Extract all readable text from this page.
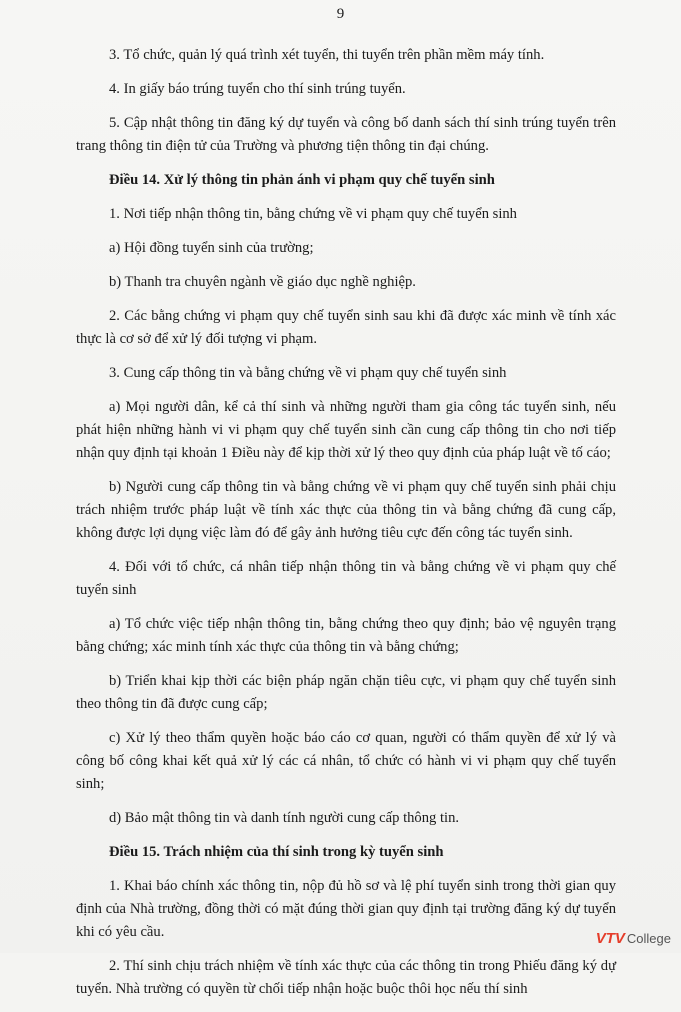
9

3. Tổ chức, quản lý quá trình xét tuyển, thi tuyển trên phần mềm máy tính.

4. In giấy báo trúng tuyển cho thí sinh trúng tuyển.

5. Cập nhật thông tin đăng ký dự tuyển và công bố danh sách thí sinh trúng tuyển trên trang thông tin điện tử của Trường và phương tiện thông tin đại chúng.

Điều 14. Xử lý thông tin phản ánh vi phạm quy chế tuyển sinh

1. Nơi tiếp nhận thông tin, bằng chứng về vi phạm quy chế tuyển sinh

a) Hội đồng tuyển sinh của trường;

b) Thanh tra chuyên ngành về giáo dục nghề nghiệp.

2. Các bằng chứng vi phạm quy chế tuyển sinh sau khi đã được xác minh về tính xác thực là cơ sở để xử lý đối tượng vi phạm.

3. Cung cấp thông tin và bằng chứng về vi phạm quy chế tuyển sinh

a) Mọi người dân, kể cả thí sinh và những người tham gia công tác tuyển sinh, nếu phát hiện những hành vi vi phạm quy chế tuyển sinh cần cung cấp thông tin cho nơi tiếp nhận quy định tại khoản 1 Điều này để kịp thời xử lý theo quy định của pháp luật về tố cáo;

b) Người cung cấp thông tin và bằng chứng về vi phạm quy chế tuyển sinh phải chịu trách nhiệm trước pháp luật về tính xác thực của thông tin và bằng chứng đã cung cấp, không được lợi dụng việc làm đó để gây ảnh hưởng tiêu cực đến công tác tuyển sinh.

4. Đối với tổ chức, cá nhân tiếp nhận thông tin và bằng chứng về vi phạm quy chế tuyển sinh

a) Tổ chức việc tiếp nhận thông tin, bằng chứng theo quy định; bảo vệ nguyên trạng bằng chứng; xác minh tính xác thực của thông tin và bằng chứng;

b) Triển khai kịp thời các biện pháp ngăn chặn tiêu cực, vi phạm quy chế tuyển sinh theo thông tin đã được cung cấp;

c) Xử lý theo thẩm quyền hoặc báo cáo cơ quan, người có thẩm quyền để xử lý và công bố công khai kết quả xử lý các cá nhân, tổ chức có hành vi vi phạm quy chế tuyển sinh;

d) Bảo mật thông tin và danh tính người cung cấp thông tin.

Điều 15. Trách nhiệm của thí sinh trong kỳ tuyển sinh

1. Khai báo chính xác thông tin, nộp đủ hồ sơ và lệ phí tuyển sinh trong thời gian quy định của Nhà trường, đồng thời có mặt đúng thời gian quy định tại trường đăng ký dự tuyển khi có yêu cầu.

2. Thí sinh chịu trách nhiệm về tính xác thực của các thông tin trong Phiếu đăng ký dự tuyển. Nhà trường có quyền từ chối tiếp nhận hoặc buộc thôi học nếu thí sinh

VTV College
